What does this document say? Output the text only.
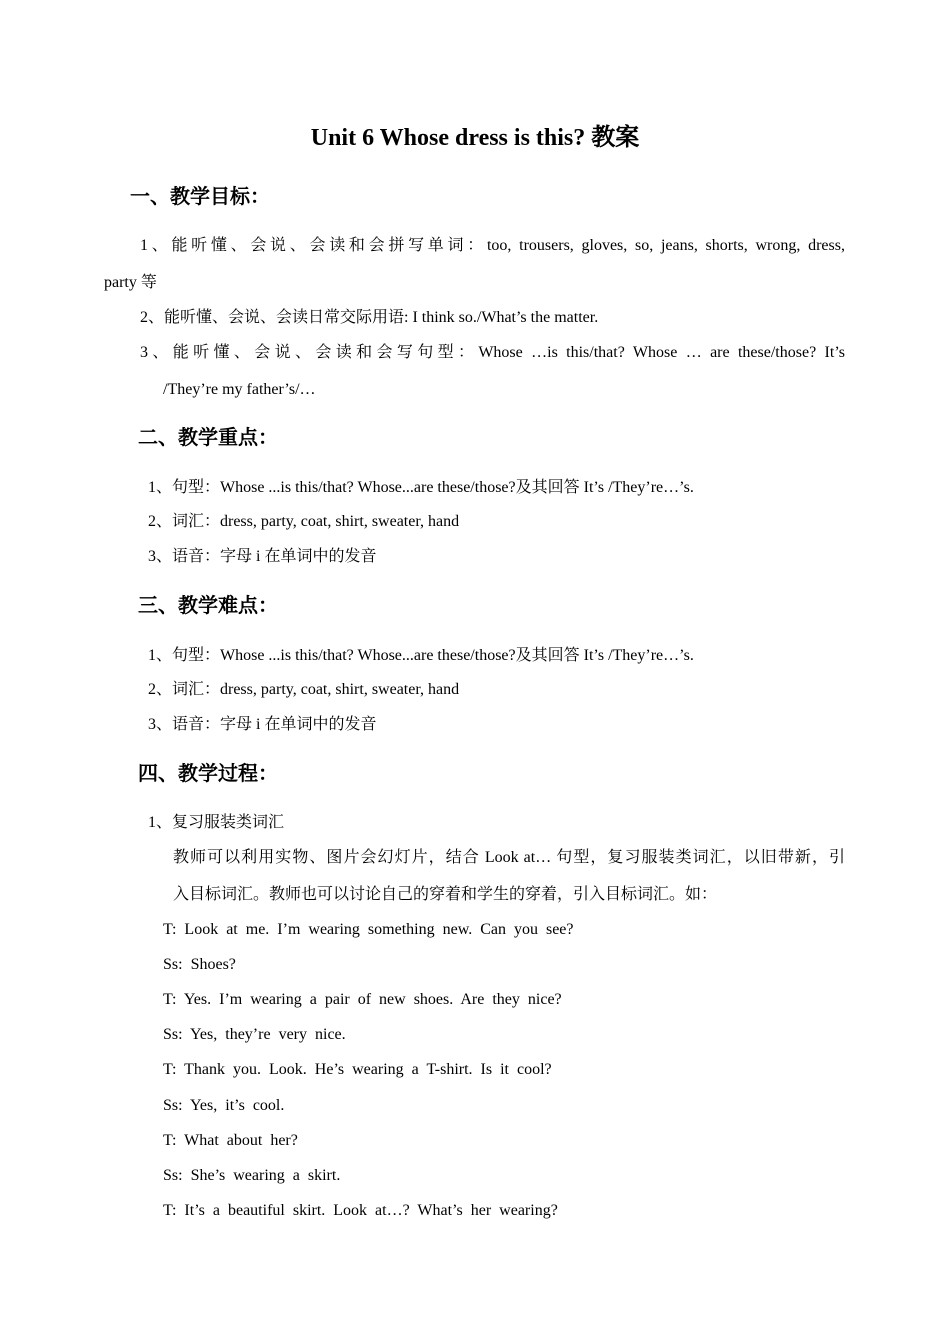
Unit 6 Whose dress is this? 教案
一、教学目标：
1、能听懂、会说、会读和会拼写单词：too, trousers, gloves, so, jeans, shorts, wrong, dress,
party 等
2、能听懂、会说、会读日常交际用语: I think so./What’s the matter.
3、能听懂、会说、会读和会写句型：Whose …is this/that? Whose … are these/those? It’s
/They’re my father’s/…
二、教学重点：
1、句型：Whose ...is this/that? Whose...are these/those?及其回答 It’s /They’re…’s.
2、词汇：dress, party, coat, shirt, sweater, hand
3、语音：字母 i 在单词中的发音
三、教学难点：
1、句型：Whose ...is this/that? Whose...are these/those?及其回答 It’s /They’re…’s.
2、词汇：dress, party, coat, shirt, sweater, hand
3、语音：字母 i 在单词中的发音
四、教学过程：
1、复习服装类词汇
教师可以利用实物、图片会幻灯片，结合 Look at… 句型，复习服装类词汇，以旧带新，引
入目标词汇。教师也可以讨论自己的穿着和学生的穿着，引入目标词汇。如：
T: Look at me. I’m wearing something new. Can you see?
Ss: Shoes?
T: Yes. I’m wearing a pair of new shoes. Are they nice?
Ss: Yes, they’re very nice.
T: Thank you. Look. He’s wearing a T-shirt. Is it cool?
Ss: Yes, it’s cool.
T: What about her?
Ss: She’s wearing a skirt.
T: It’s a beautiful skirt. Look at…? What’s her wearing?
